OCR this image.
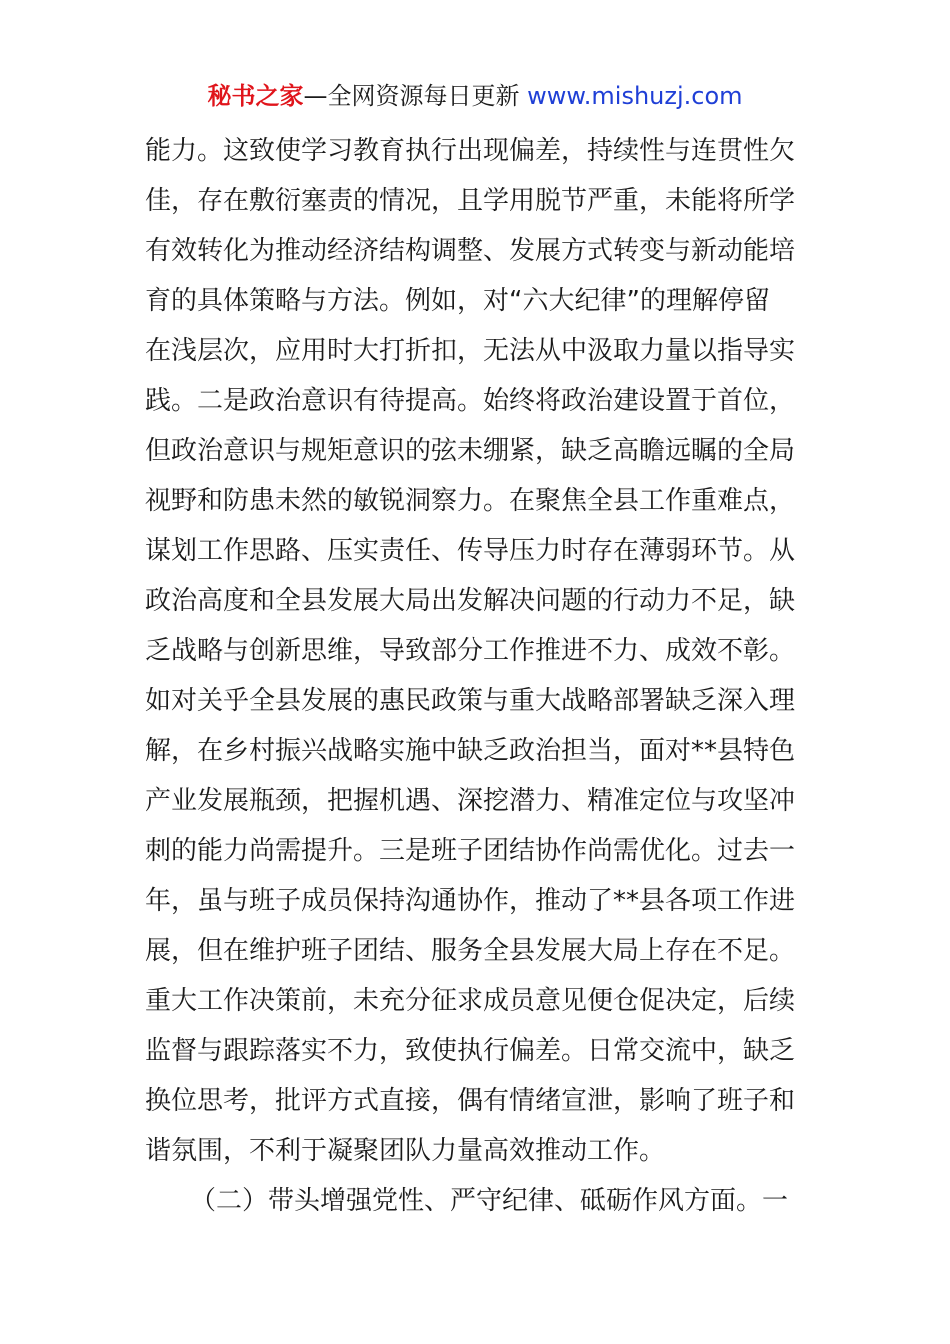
秘书之家—全网资源每日更新 www.mishuzj.com
能力。这致使学习教育执行出现偏差，持续性与连贯性欠
佳，存在敷衍塞责的情况，且学用脱节严重，未能将所学
有效转化为推动经济结构调整、发展方式转变与新动能培
育的具体策略与方法。例如，对“六大纪律”的理解停留
在浅层次，应用时大打折扣，无法从中汲取力量以指导实
践。二是政治意识有待提高。始终将政治建设置于首位，
但政治意识与规矩意识的弦未绷紧，缺乏高瞻远瞩的全局
视野和防患未然的敏锐洞察力。在聚焦全县工作重难点，
谋划工作思路、压实责任、传导压力时存在薄弱环节。从
政治高度和全县发展大局出发解决问题的行动力不足，缺
乏战略与创新思维，导致部分工作推进不力、成效不彰。
如对关乎全县发展的惠民政策与重大战略部署缺乏深入理
解，在乡村振兴战略实施中缺乏政治担当，面对**县特色
产业发展瓶颈，把握机遇、深挖潜力、精准定位与攻坚冲
刺的能力尚需提升。三是班子团结协作尚需优化。过去一
年，虽与班子成员保持沟通协作，推动了**县各项工作进
展，但在维护班子团结、服务全县发展大局上存在不足。
重大工作决策前，未充分征求成员意见便仓促决定，后续
监督与跟踪落实不力，致使执行偏差。日常交流中，缺乏
换位思考，批评方式直接，偶有情绪宣泄，影响了班子和
谐氛围，不利于凝聚团队力量高效推动工作。
（二）带头增强党性、严守纪律、砥砺作风方面。一
